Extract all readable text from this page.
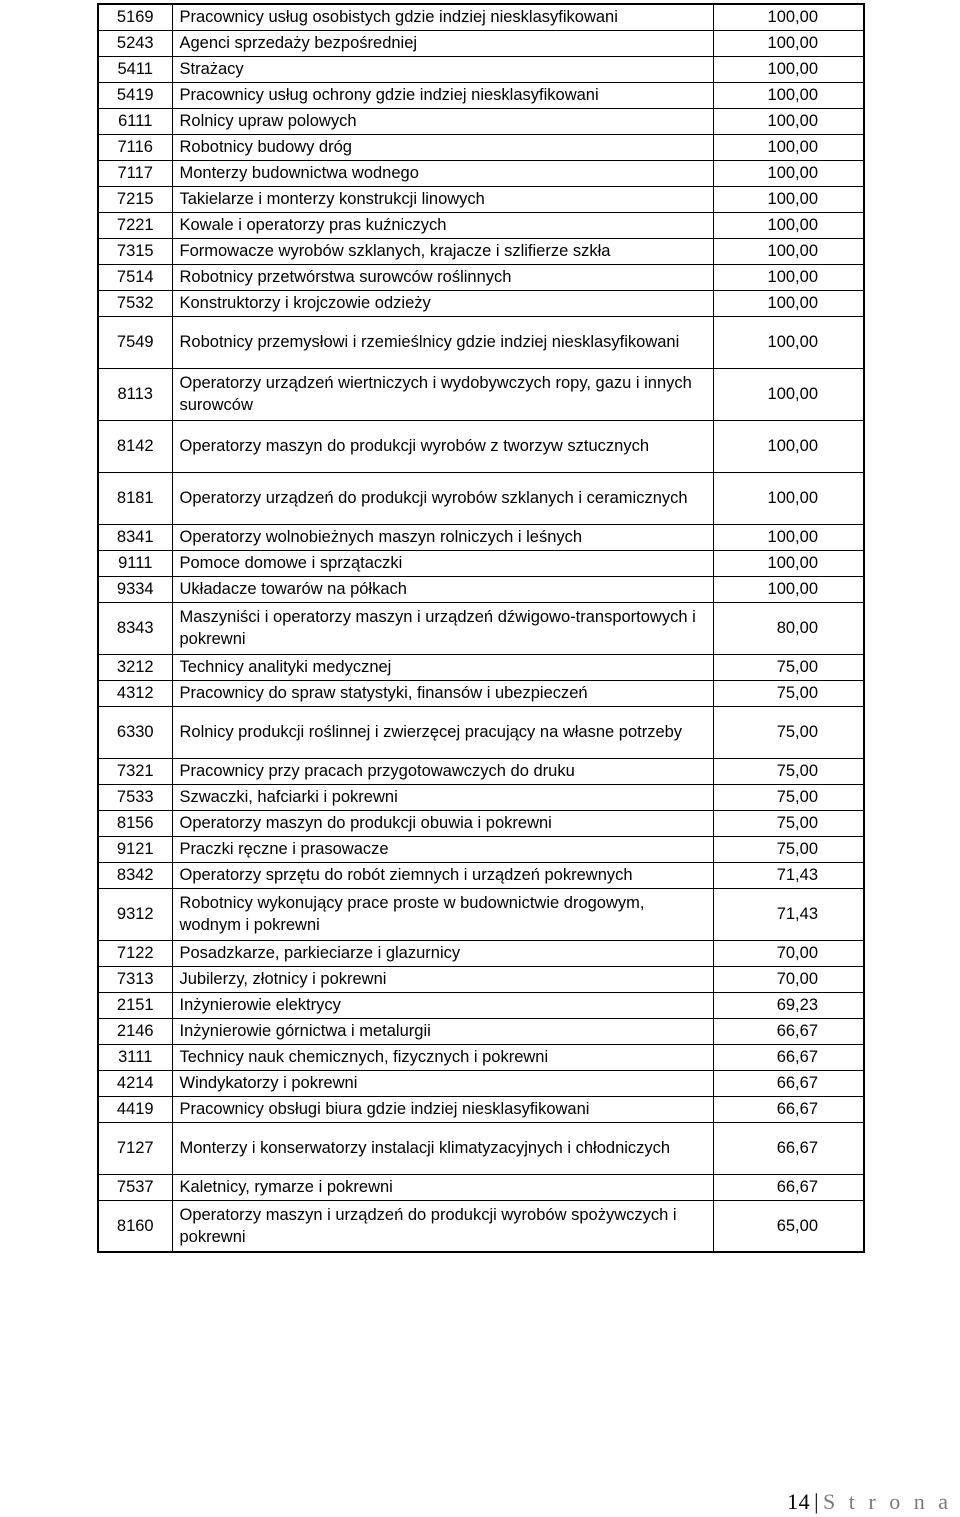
5169	Pracownicy usług osobistych gdzie indziej niesklasyfikowani	100,00
5243	Agenci sprzedaży bezpośredniej	100,00
5411	Strażacy	100,00
5419	Pracownicy usług ochrony gdzie indziej niesklasyfikowani	100,00
6111	Rolnicy upraw polowych	100,00
7116	Robotnicy budowy dróg	100,00
7117	Monterzy budownictwa wodnego	100,00
7215	Takielarze i monterzy konstrukcji linowych	100,00
7221	Kowale i operatorzy pras kuźniczych	100,00
7315	Formowacze wyrobów szklanych, krajacze i szlifierze szkła	100,00
7514	Robotnicy przetwórstwa surowców roślinnych	100,00
7532	Konstruktorzy i krojczowie odzieży	100,00
7549	Robotnicy przemysłowi i rzemieślnicy gdzie indziej niesklasyfikowani	100,00
8113	Operatorzy urządzeń wiertniczych i wydobywczych ropy, gazu i innych surowców	100,00
8142	Operatorzy maszyn do produkcji wyrobów z tworzyw sztucznych	100,00
8181	Operatorzy urządzeń do produkcji wyrobów szklanych i ceramicznych	100,00
8341	Operatorzy wolnobieżnych maszyn rolniczych i leśnych	100,00
9111	Pomoce domowe i sprzątaczki	100,00
9334	Układacze towarów na półkach	100,00
8343	Maszyniści i operatorzy maszyn i urządzeń dźwigowo-transportowych i pokrewni	80,00
3212	Technicy analityki medycznej	75,00
4312	Pracownicy do spraw statystyki, finansów i ubezpieczeń	75,00
6330	Rolnicy produkcji roślinnej i zwierzęcej pracujący na własne potrzeby	75,00
7321	Pracownicy przy pracach przygotowawczych do druku	75,00
7533	Szwaczki, hafciarki i pokrewni	75,00
8156	Operatorzy maszyn do produkcji obuwia i pokrewni	75,00
9121	Praczki ręczne i prasowacze	75,00
8342	Operatorzy sprzętu do robót ziemnych i urządzeń pokrewnych	71,43
9312	Robotnicy wykonujący prace proste w budownictwie drogowym, wodnym i pokrewni	71,43
7122	Posadzkarze, parkieciarze i glazurnicy	70,00
7313	Jubilerzy, złotnicy i pokrewni	70,00
2151	Inżynierowie elektrycy	69,23
2146	Inżynierowie górnictwa i metalurgii	66,67
3111	Technicy nauk chemicznych, fizycznych i pokrewni	66,67
4214	Windykatorzy i pokrewni	66,67
4419	Pracownicy obsługi biura gdzie indziej niesklasyfikowani	66,67
7127	Monterzy i konserwatorzy instalacji klimatyzacyjnych i chłodniczych	66,67
7537	Kaletnicy, rymarze i pokrewni	66,67
8160	Operatorzy maszyn i urządzeń do produkcji wyrobów spożywczych i pokrewni	65,00
14 | S t r o n a
